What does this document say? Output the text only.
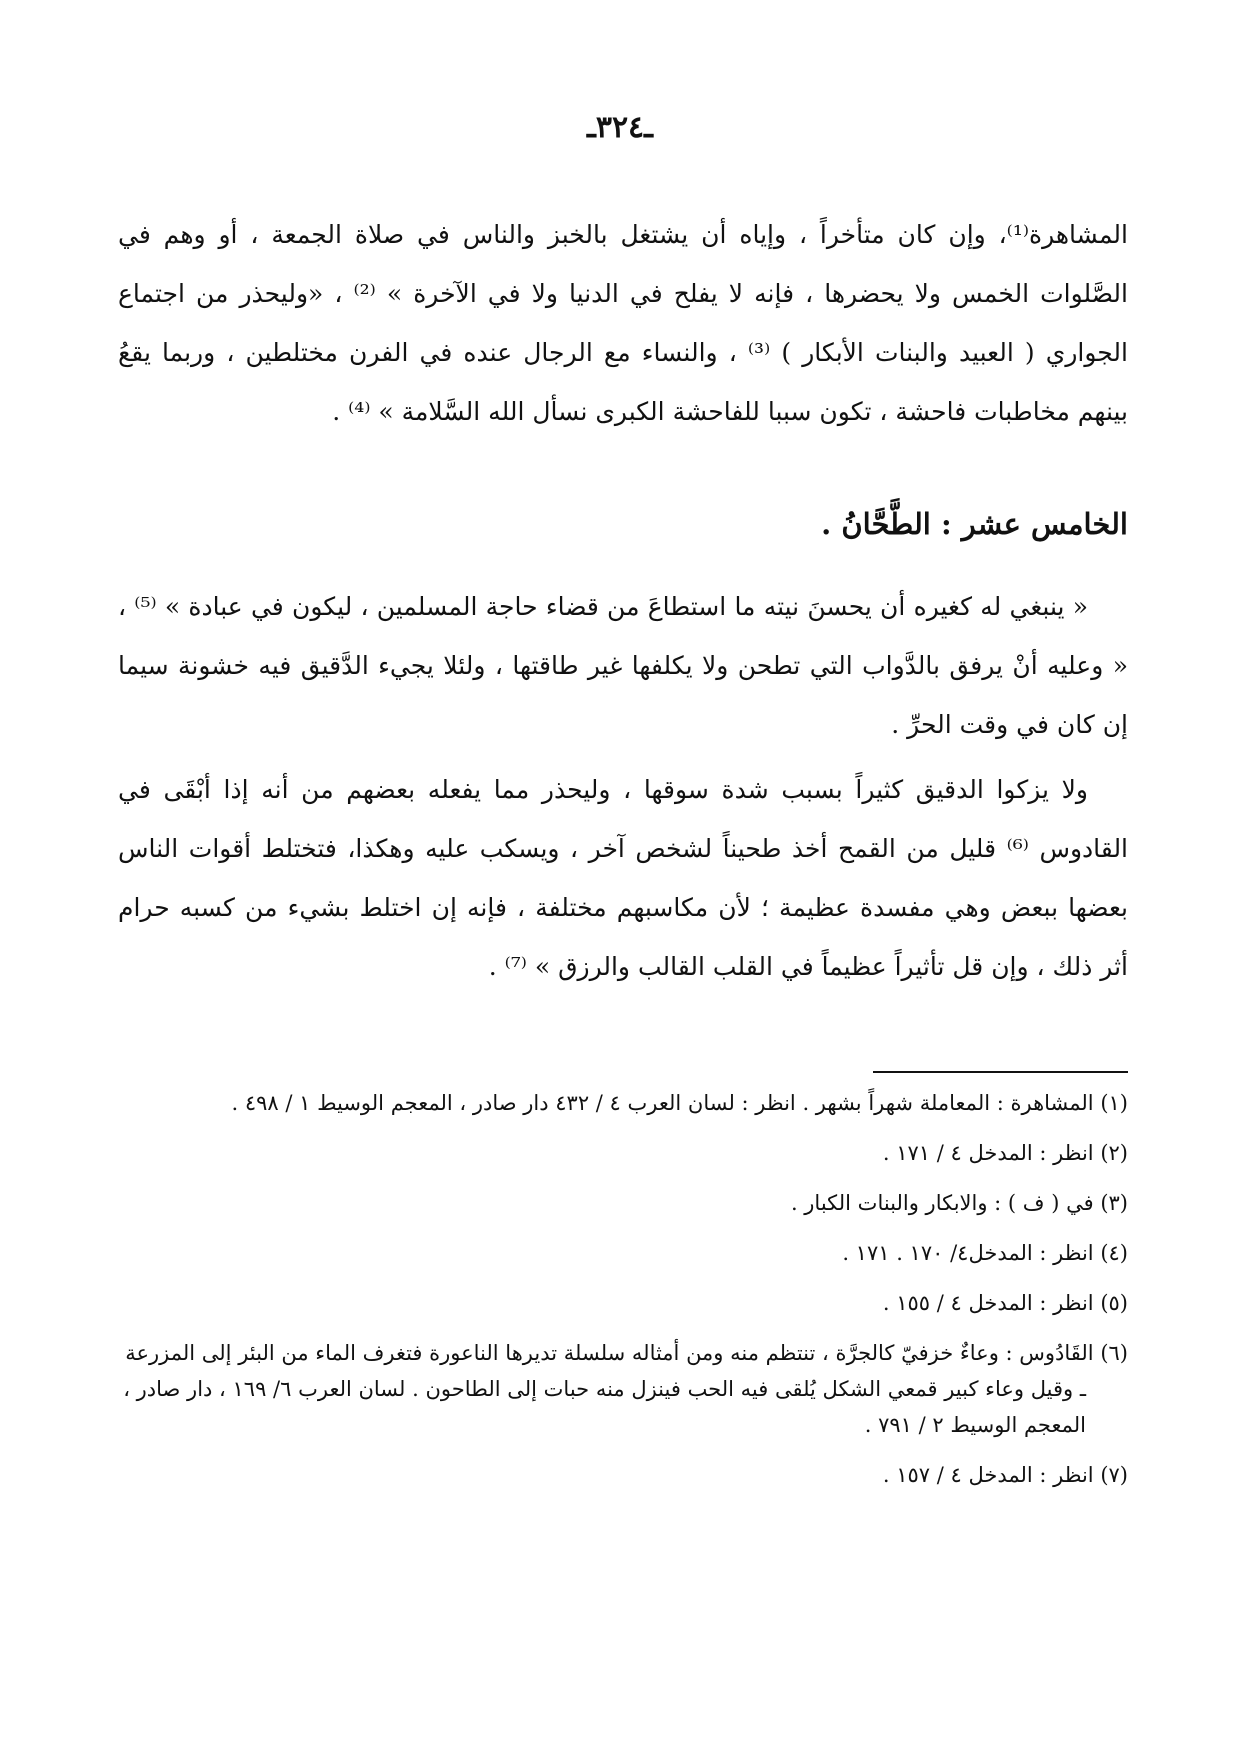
ـ٣٢٤ـ

المشاهرة⁽¹⁾، وإن كان متأخراً ، وإياه أن يشتغل بالخبز والناس في صلاة الجمعة ، أو وهم في الصَّلوات الخمس ولا يحضرها ، فإنه لا يفلح في الدنيا ولا في الآخرة » ⁽²⁾ ، «وليحذر من اجتماع الجواري ( العبيد والبنات الأبكار ) ⁽³⁾ ، والنساء مع الرجال عنده في الفرن مختلطين ، وربما يقعُ بينهم مخاطبات فاحشة ، تكون سببا للفاحشة الكبرى نسأل الله السَّلامة » ⁽⁴⁾ .

الخامس عشر : الطَّحَّانُ .

« ينبغي له كغيره أن يحسنَ نيته ما استطاعَ من قضاء حاجة المسلمين ، ليكون في عبادة » ⁽⁵⁾ ، « وعليه أنْ يرفق بالدَّواب التي تطحن ولا يكلفها غير طاقتها ، ولئلا يجيء الدَّقيق فيه خشونة سيما إن كان في وقت الحرِّ .

ولا يزكوا الدقيق كثيراً بسبب شدة سوقها ، وليحذر مما يفعله بعضهم من أنه إذا أبْقَى في القادوس ⁽⁶⁾ قليل من القمح أخذ طحيناً لشخص آخر ، ويسكب عليه وهكذا، فتختلط أقوات الناس بعضها ببعض وهي مفسدة عظيمة ؛ لأن مكاسبهم مختلفة ، فإنه إن اختلط بشيء من كسبه حرام أثر ذلك ، وإن قل تأثيراً عظيماً في القلب القالب والرزق » ⁽⁷⁾ .

(١) المشاهرة : المعاملة شهراً بشهر . انظر : لسان العرب ٤ / ٤٣٢ دار صادر ، المعجم الوسيط ١ / ٤٩٨ .

(٢) انظر : المدخل ٤ / ١٧١ .

(٣) في ( ف ) : والابكار والبنات الكبار .

(٤) انظر : المدخل٤/ ١٧٠ . ١٧١ .

(٥) انظر : المدخل ٤ / ١٥٥ .

(٦) القَادُوس : وعاءٌ خزفيّ كالجرَّة ، تنتظم منه ومن أمثاله سلسلة تديرها الناعورة فتغرف الماء من البئر إلى المزرعة ـ وقيل وعاء كبير قمعي الشكل يُلقى فيه الحب فينزل منه حبات إلى الطاحون . لسان العرب ٦/ ١٦٩ ، دار صادر ، المعجم الوسيط ٢ / ٧٩١ .

(٧) انظر : المدخل ٤ / ١٥٧ .
